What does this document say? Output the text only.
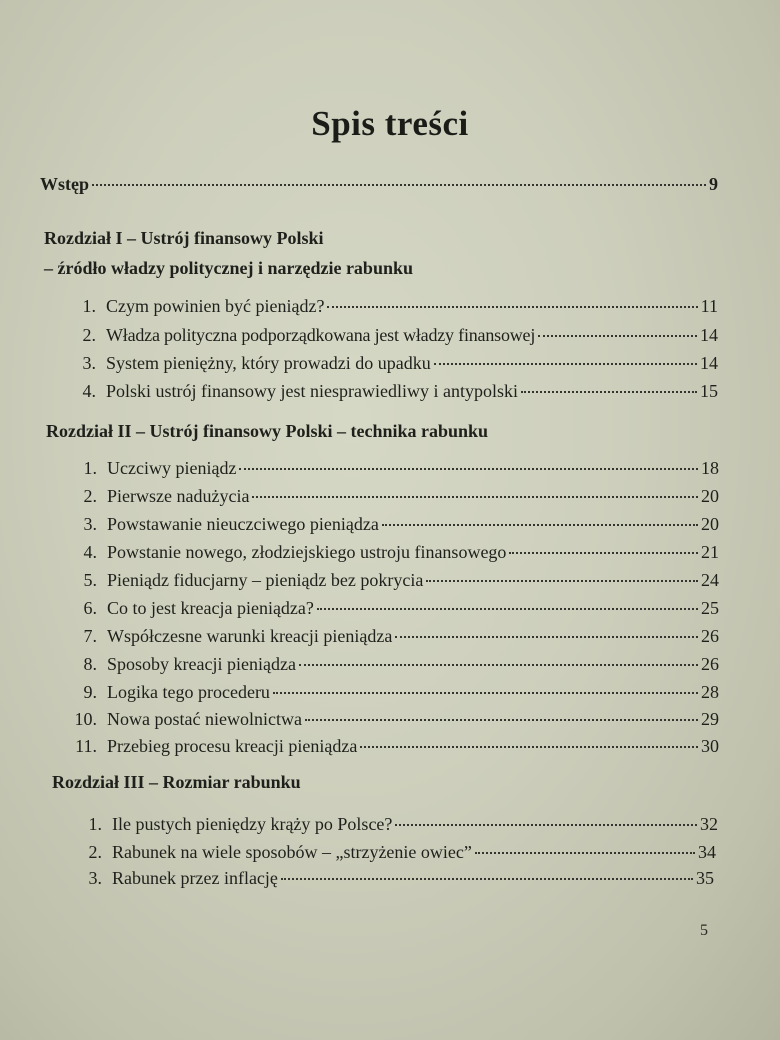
Spis treści
Wstęp	9
Rozdział I – Ustrój finansowy Polski
– źródło władzy politycznej i narzędzie rabunku
1. Czym powinien być pieniądz?	11
2. Władza polityczna podporządkowana jest władzy finansowej	14
3. System pieniężny, który prowadzi do upadku	14
4. Polski ustrój finansowy jest niesprawiedliwy i antypolski	15
Rozdział II – Ustrój finansowy Polski – technika rabunku
1. Uczciwy pieniądz	18
2. Pierwsze nadużycia	20
3. Powstawanie nieuczciwego pieniądza	20
4. Powstanie nowego, złodziejskiego ustroju finansowego	21
5. Pieniądz fiducjarny – pieniądz bez pokrycia	24
6. Co to jest kreacja pieniądza?	25
7. Współczesne warunki kreacji pieniądza	26
8. Sposoby kreacji pieniądza	26
9. Logika tego procederu	28
10. Nowa postać niewolnictwa	29
11. Przebieg procesu kreacji pieniądza	30
Rozdział III – Rozmiar rabunku
1. Ile pustych pieniędzy krąży po Polsce?	32
2. Rabunek na wiele sposobów – „strzyżenie owiec”	34
3. Rabunek przez inflację	35
5
